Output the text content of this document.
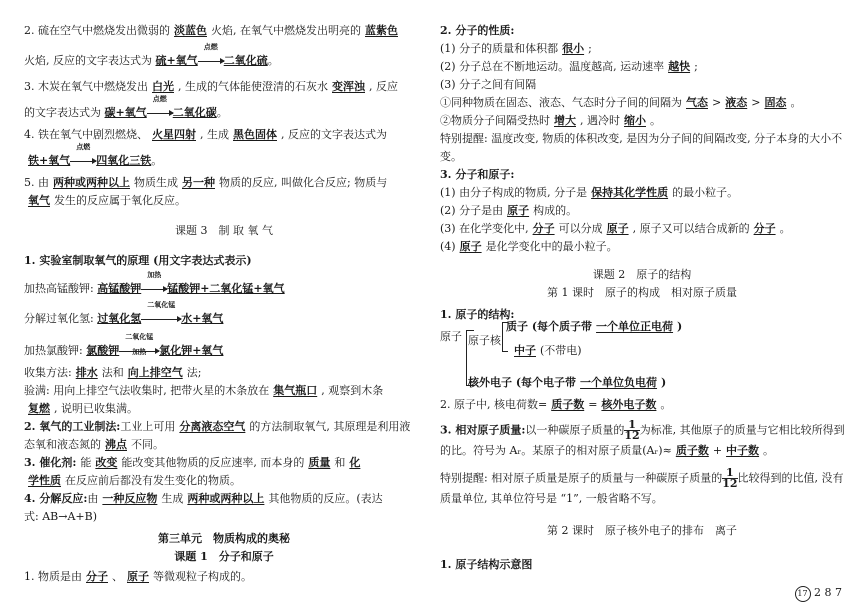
2. 硫在空气中燃烧发出微弱的 淡蓝色 火焰, 在氧气中燃烧发出明亮的 蓝紫色
火焰, 反应的文字表达式为 硫+氧气
点燃
二氧化硫。
3. 木炭在氧气中燃烧发出 白光 , 生成的气体能使澄清的石灰水 变浑浊 , 反应
的文字表达式为 碳+氧气
点燃
二氧化碳。
4. 铁在氧气中剧烈燃烧、 火星四射 , 生成 黑色固体 , 反应的文字表达式为
铁+氧气
点燃
四氧化三铁。
5. 由 两种或两种以上 物质生成 另一种 物质的反应, 叫做化合反应; 物质与
氧气 发生的反应属于氧化反应。
课题 3　制 取 氧 气
1. 实验室制取氧气的原理 (用文字表达式表示)
加热高锰酸钾: 高锰酸钾
加热
锰酸钾+二氧化锰+氧气
分解过氧化氢: 过氧化氢
二氧化锰
水+氧气
加热氯酸钾: 氯酸钾
二氧化锰
加热 氯化钾+氧气
收集方法: 排水 法和 向上排空气 法;
验满: 用向上排空气法收集时, 把带火星的木条放在 集气瓶口 , 观察到木条
复燃 , 说明已收集满。
2. 氧气的工业制法:工业上可用 分离液态空气 的方法制取氧气, 其原理是利用液
态氧和液态氮的 沸点 不同。
3. 催化剂: 能 改变 能改变其他物质的反应速率, 而本身的 质量 和 化
学性质 在反应前后都没有发生变化的物质。
4. 分解反应:由 一种反应物 生成 两种或两种以上 其他物质的反应。(表达
式: AB→A+B)
第三单元　物质构成的奥秘
课题 1　分子和原子
1. 物质是由 分子 、 原子 等微观粒子构成的。
2. 分子的性质:
(1) 分子的质量和体积都 很小 ;
(2) 分子总在不断地运动。温度越高, 运动速率 越快 ;
(3) 分子之间有间隔
①同种物质在固态、液态、气态时分子间的间隔为 气态 > 液态 > 固态 。
②物质分子间隔受热时 增大 , 遇冷时 缩小 。
特别提醒: 温度改变, 物质的体积改变, 是因为分子间的间隔改变, 分子本身的大小不
变。
3. 分子和原子:
(1) 由分子构成的物质, 分子是 保持其化学性质 的最小粒子。
(2) 分子是由 原子 构成的。
(3) 在化学变化中, 分子 可以分成 原子 , 原子又可以结合成新的 分子 。
(4) 原子 是化学变化中的最小粒子。
课题 2　原子的结构
第 1 课时　原子的构成　相对原子质量
1. 原子的结构:
原子 原子核
质子 (每个质子带 一个单位正电荷 )
中子 (不带电)
核外电子 (每个电子带 一个单位负电荷 )
2. 原子中, 核电荷数= 质子数 = 核外电子数 。
3. 相对原子质量:以一种碳原子质量的 $\frac{1}{12}$ 为标准, 其他原子的质量与它相比较所得到
的比。符号为 Aᵣ。某原子的相对原子质量(Aᵣ)≈ 质子数 + 中子数 。
特别提醒: 相对原子质量是原子的质量与一种碳原子质量的 $\frac{1}{12}$ 比较得到的比值, 没有
质量单位, 其单位符号是 “1”, 一般省略不写。
第 2 课时　原子核外电子的排布　离子
1. 原子结构示意图
17 2 8 7
